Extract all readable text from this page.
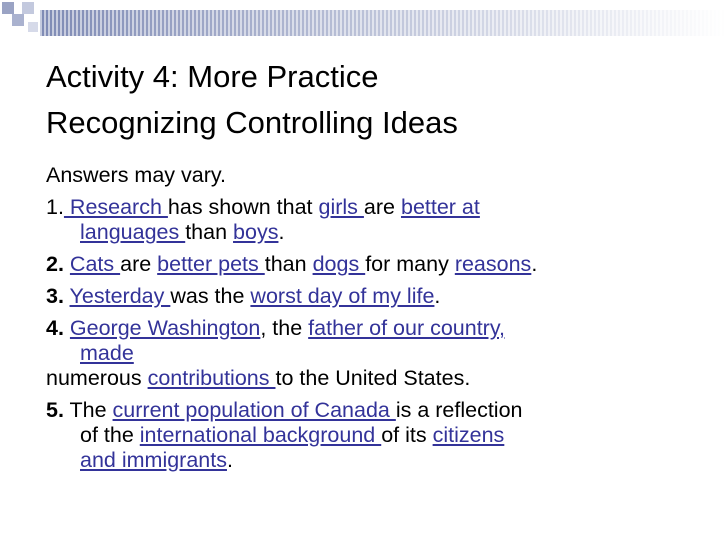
Activity 4: More Practice
Recognizing Controlling Ideas

Answers may vary.

1. Research has shown that girls are better at

languages than boys.

2. Cats are better pets than dogs for many reasons.

3. Yesterday was the worst day of my life.

4. George Washington, the father of our country,

made

numerous contributions to the United States.

5. The current population of Canada is a reflection

of the international background of its citizens

and immigrants.
